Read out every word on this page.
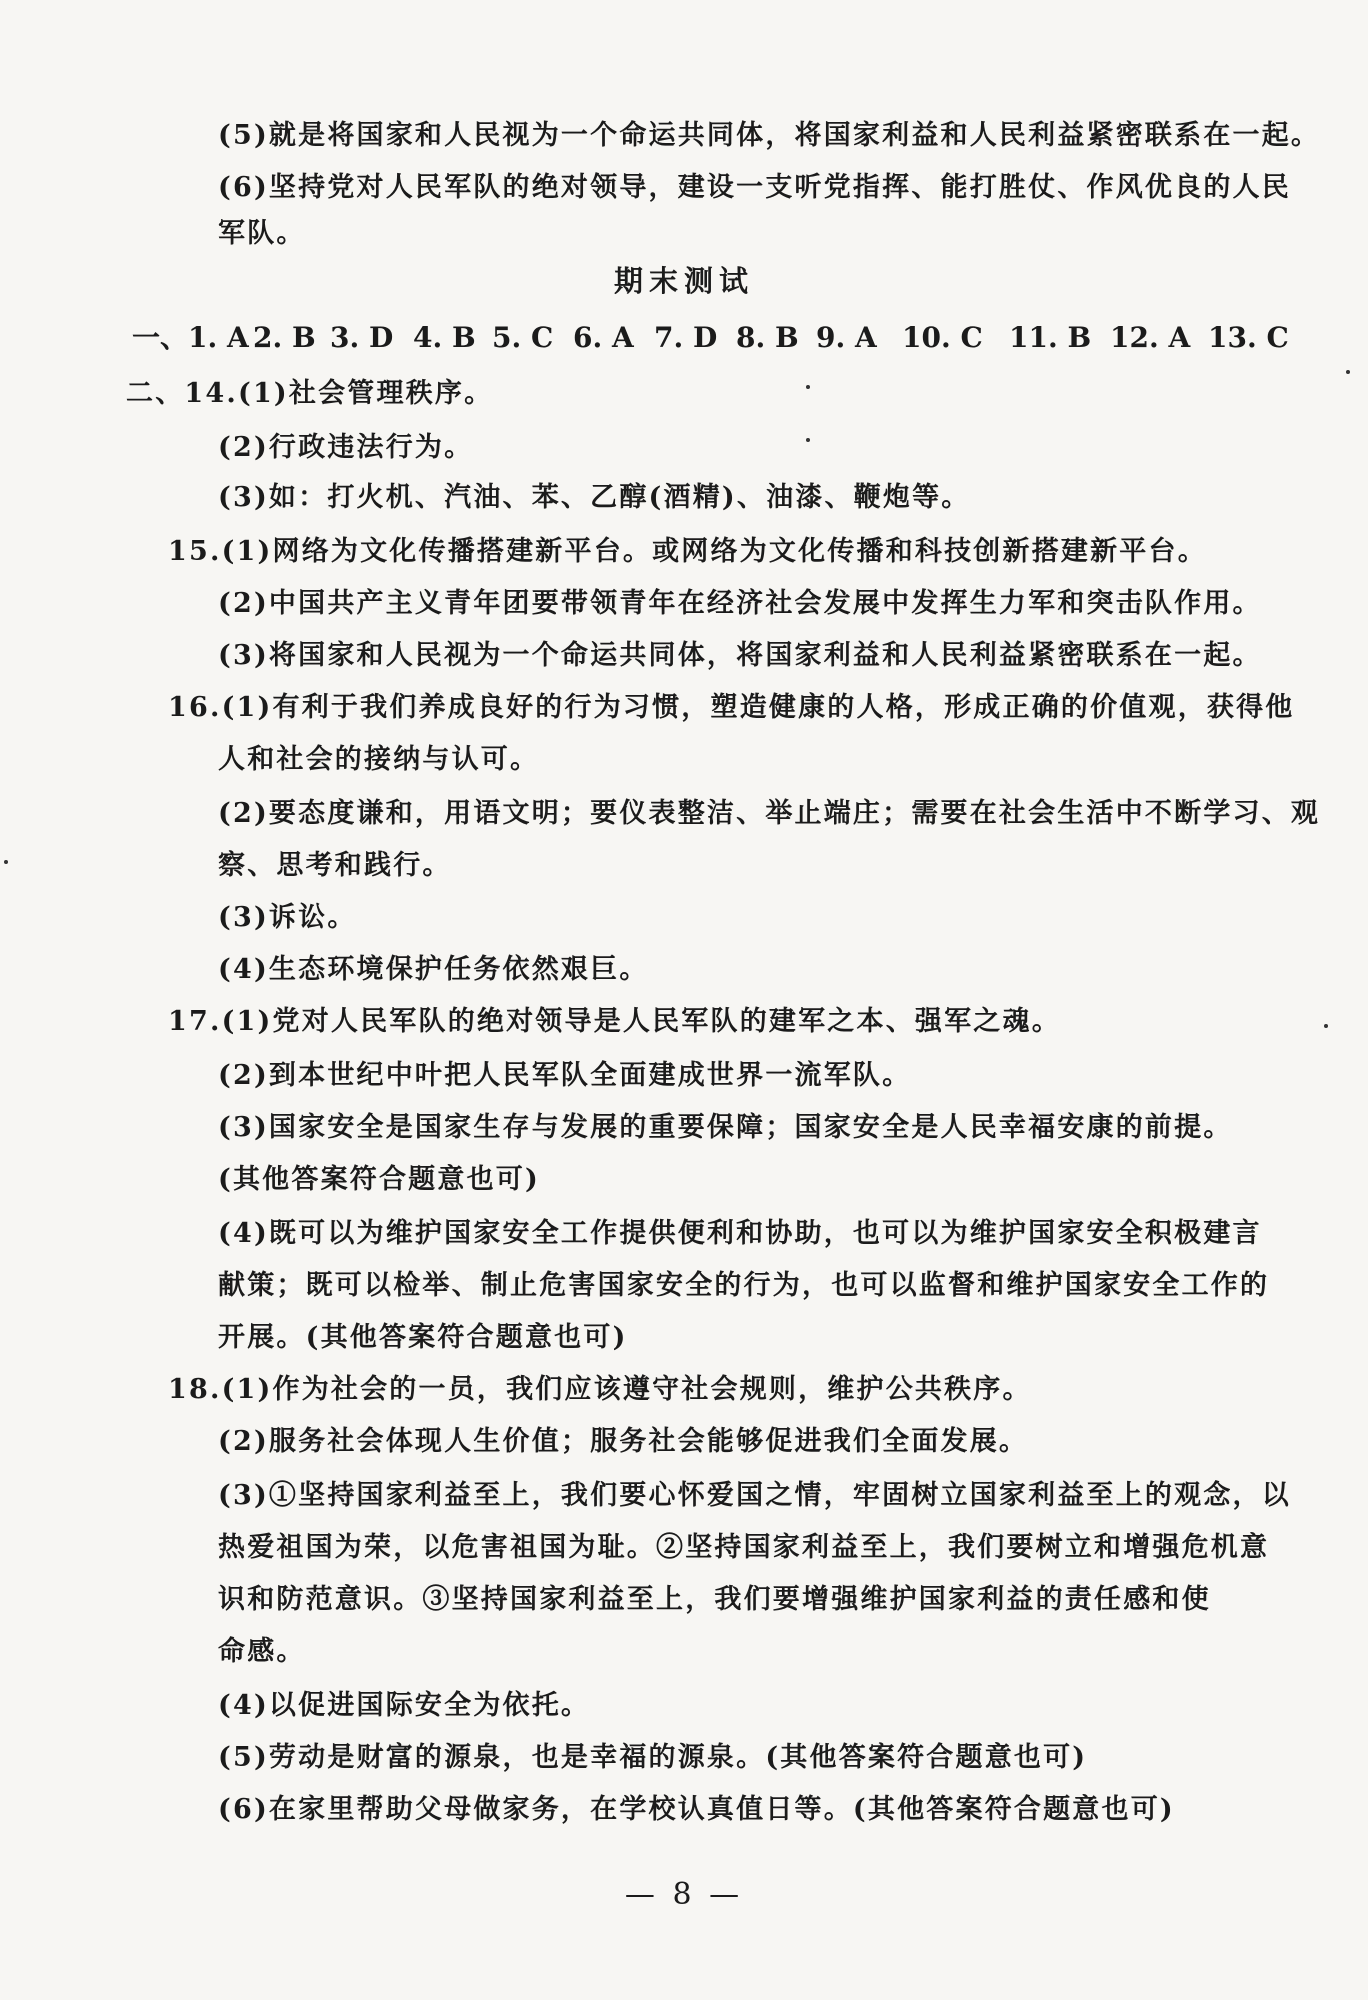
(5)就是将国家和人民视为一个命运共同体，将国家利益和人民利益紧密联系在一起。
(6)坚持党对人民军队的绝对领导，建设一支听党指挥、能打胜仗、作风优良的人民
军队。
期末测试
一、1. A 2. B 3. D 4. B 5. C 6. A 7. D 8. B 9. A 10. C 11. B 12. A 13. C
二、14.(1)社会管理秩序。
(2)行政违法行为。
(3)如：打火机、汽油、苯、乙醇(酒精)、油漆、鞭炮等。
15.(1)网络为文化传播搭建新平台。或网络为文化传播和科技创新搭建新平台。
(2)中国共产主义青年团要带领青年在经济社会发展中发挥生力军和突击队作用。
(3)将国家和人民视为一个命运共同体，将国家利益和人民利益紧密联系在一起。
16.(1)有利于我们养成良好的行为习惯，塑造健康的人格，形成正确的价值观，获得他
人和社会的接纳与认可。
(2)要态度谦和，用语文明；要仪表整洁、举止端庄；需要在社会生活中不断学习、观
察、思考和践行。
(3)诉讼。
(4)生态环境保护任务依然艰巨。
17.(1)党对人民军队的绝对领导是人民军队的建军之本、强军之魂。
(2)到本世纪中叶把人民军队全面建成世界一流军队。
(3)国家安全是国家生存与发展的重要保障；国家安全是人民幸福安康的前提。
(其他答案符合题意也可)
(4)既可以为维护国家安全工作提供便利和协助，也可以为维护国家安全积极建言
献策；既可以检举、制止危害国家安全的行为，也可以监督和维护国家安全工作的
开展。(其他答案符合题意也可)
18.(1)作为社会的一员，我们应该遵守社会规则，维护公共秩序。
(2)服务社会体现人生价值；服务社会能够促进我们全面发展。
(3)①坚持国家利益至上，我们要心怀爱国之情，牢固树立国家利益至上的观念，以
热爱祖国为荣，以危害祖国为耻。②坚持国家利益至上，我们要树立和增强危机意
识和防范意识。③坚持国家利益至上，我们要增强维护国家利益的责任感和使
命感。
(4)以促进国际安全为依托。
(5)劳动是财富的源泉，也是幸福的源泉。(其他答案符合题意也可)
(6)在家里帮助父母做家务，在学校认真值日等。(其他答案符合题意也可)
— 8 —
